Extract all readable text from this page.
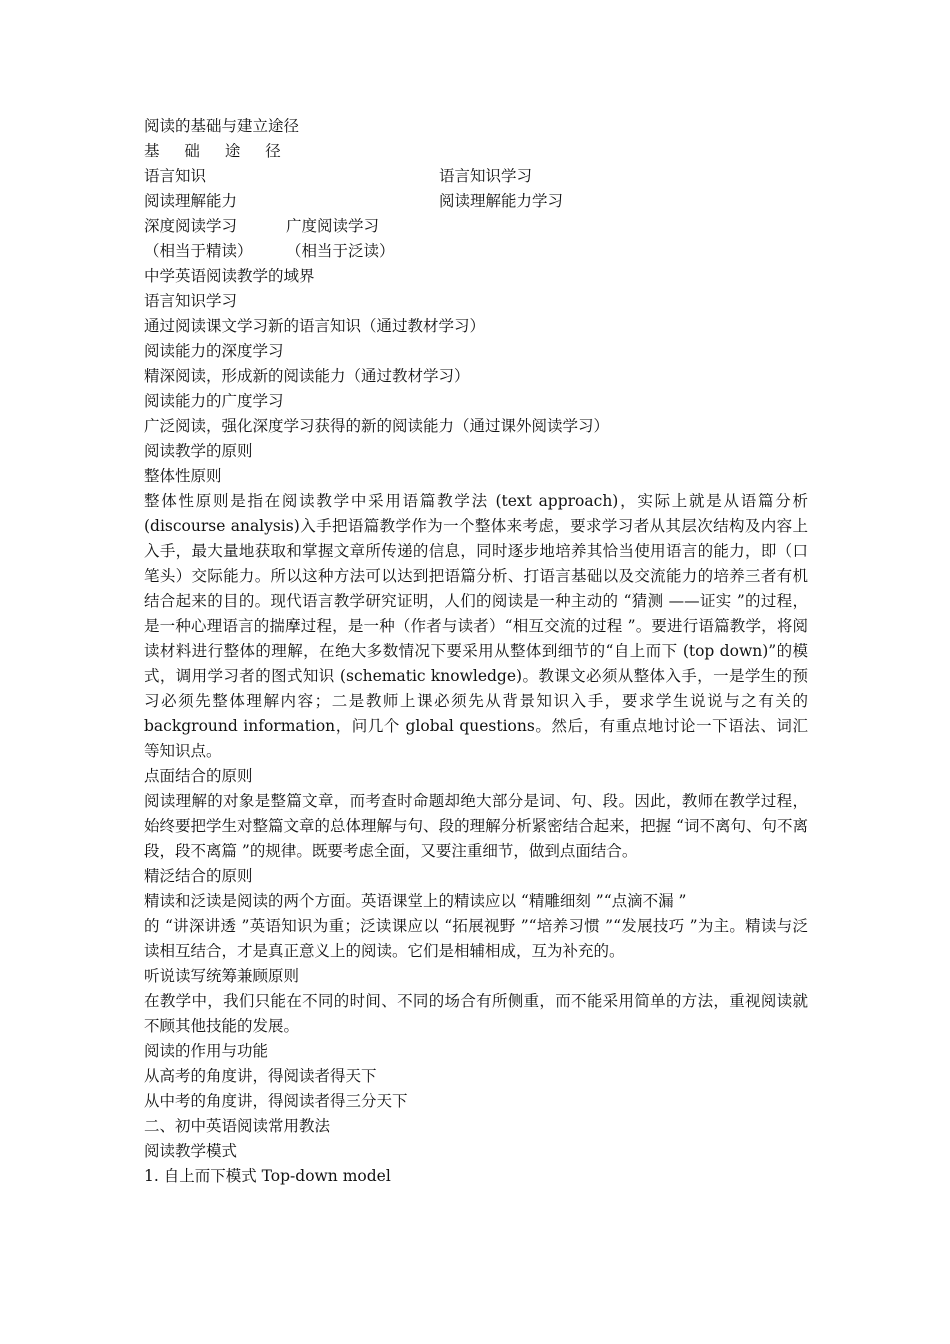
阅读的基础与建立途径
基 础 途 径
语言知识	语言知识学习
阅读理解能力	阅读理解能力学习
深度阅读学习	广度阅读学习
（相当于精读）	（相当于泛读）
中学英语阅读教学的域界
语言知识学习
通过阅读课文学习新的语言知识（通过教材学习）
阅读能力的深度学习
精深阅读，形成新的阅读能力（通过教材学习）
阅读能力的广度学习
广泛阅读，强化深度学习获得的新的阅读能力（通过课外阅读学习）
阅读教学的原则
整体性原则
整体性原则是指在阅读教学中采用语篇教学法 (text approach)，实际上就是从语篇分析 (discourse analysis)入手把语篇教学作为一个整体来考虑，要求学习者从其层次结构及内容上入手，最大量地获取和掌握文章所传递的信息，同时逐步地培养其恰当使用语言的能力，即（口笔头）交际能力。所以这种方法可以达到把语篇分析、打语言基础以及交流能力的培养三者有机结合起来的目的。现代语言教学研究证明，人们的阅读是一种主动的 “猜测 ——证实 ”的过程，是一种心理语言的揣摩过程，是一种（作者与读者）“相互交流的过程 ”。要进行语篇教学，将阅读材料进行整体的理解，在绝大多数情况下要采用从整体到细节的“自上而下 (top down)”的模式，调用学习者的图式知识 (schematic knowledge)。教课文必须从整体入手，一是学生的预习必须先整体理解内容；二是教师上课必须先从背景知识入手，要求学生说说与之有关的 background information，问几个 global questions。然后，有重点地讨论一下语法、词汇等知识点。
点面结合的原则
阅读理解的对象是整篇文章，而考查时命题却绝大部分是词、句、段。因此，教师在教学过程，始终要把学生对整篇文章的总体理解与句、段的理解分析紧密结合起来，把握 “词不离句、句不离段，段不离篇 ”的规律。既要考虑全面，又要注重细节，做到点面结合。
精泛结合的原则
精读和泛读是阅读的两个方面。英语课堂上的精读应以 “精雕细刻 ”“点滴不漏 ”
的 “讲深讲透 ”英语知识为重；泛读课应以 “拓展视野 ”“培养习惯 ”“发展技巧 ”为主。精读与泛读相互结合，才是真正意义上的阅读。它们是相辅相成，互为补充的。
听说读写统筹兼顾原则
在教学中，我们只能在不同的时间、不同的场合有所侧重，而不能采用简单的方法，重视阅读就不顾其他技能的发展。
阅读的作用与功能
从高考的角度讲，得阅读者得天下
从中考的角度讲，得阅读者得三分天下
二、初中英语阅读常用教法
阅读教学模式
1. 自上而下模式 Top-down model
